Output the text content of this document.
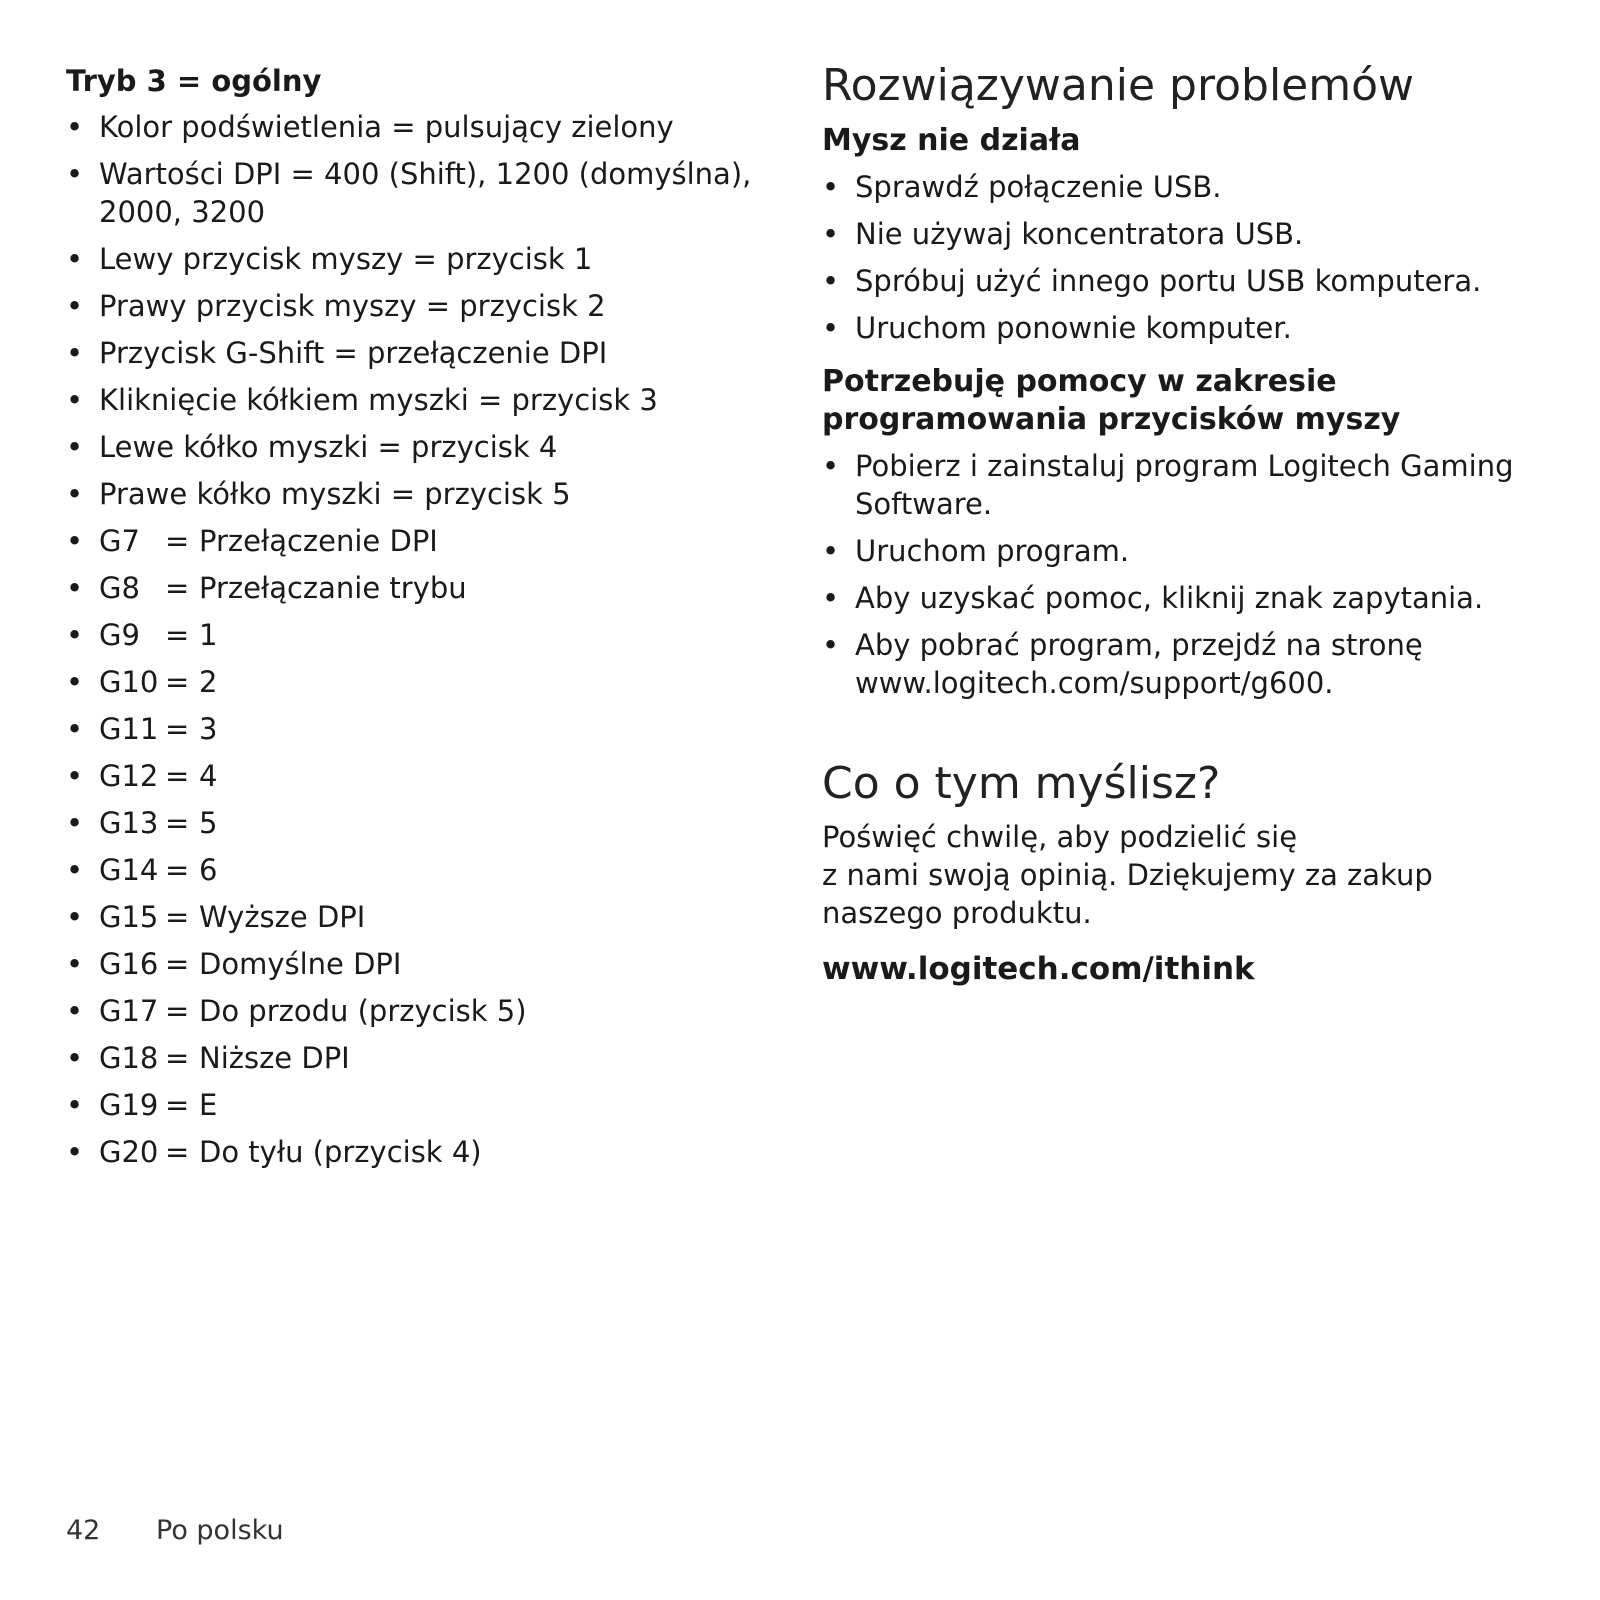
Tryb 3 = ogólny
• Kolor podświetlenia = pulsujący zielony
• Wartości DPI = 400 (Shift), 1200 (domyślna), 2000, 3200
• Lewy przycisk myszy = przycisk 1
• Prawy przycisk myszy = przycisk 2
• Przycisk G-Shift = przełączenie DPI
• Kliknięcie kółkiem myszki = przycisk 3
• Lewe kółko myszki = przycisk 4
• Prawe kółko myszki = przycisk 5
• G7 = Przełączenie DPI
• G8 = Przełączanie trybu
• G9 = 1
• G10 = 2
• G11 = 3
• G12 = 4
• G13 = 5
• G14 = 6
• G15 = Wyższe DPI
• G16 = Domyślne DPI
• G17 = Do przodu (przycisk 5)
• G18 = Niższe DPI
• G19 = E
• G20 = Do tyłu (przycisk 4)
Rozwiązywanie problemów
Mysz nie działa
• Sprawdź połączenie USB.
• Nie używaj koncentratora USB.
• Spróbuj użyć innego portu USB komputera.
• Uruchom ponownie komputer.
Potrzebuję pomocy w zakresie
programowania przycisków myszy
• Pobierz i zainstaluj program Logitech Gaming Software.
• Uruchom program.
• Aby uzyskać pomoc, kliknij znak zapytania.
• Aby pobrać program, przejdź na stronę www.logitech.com/support/g600.
Co o tym myślisz?

Poświęć chwilę, aby podzielić się
z nami swoją opinią. Dziękujemy za zakup
naszego produktu.

www.logitech.com/ithink

42 Po polsku
